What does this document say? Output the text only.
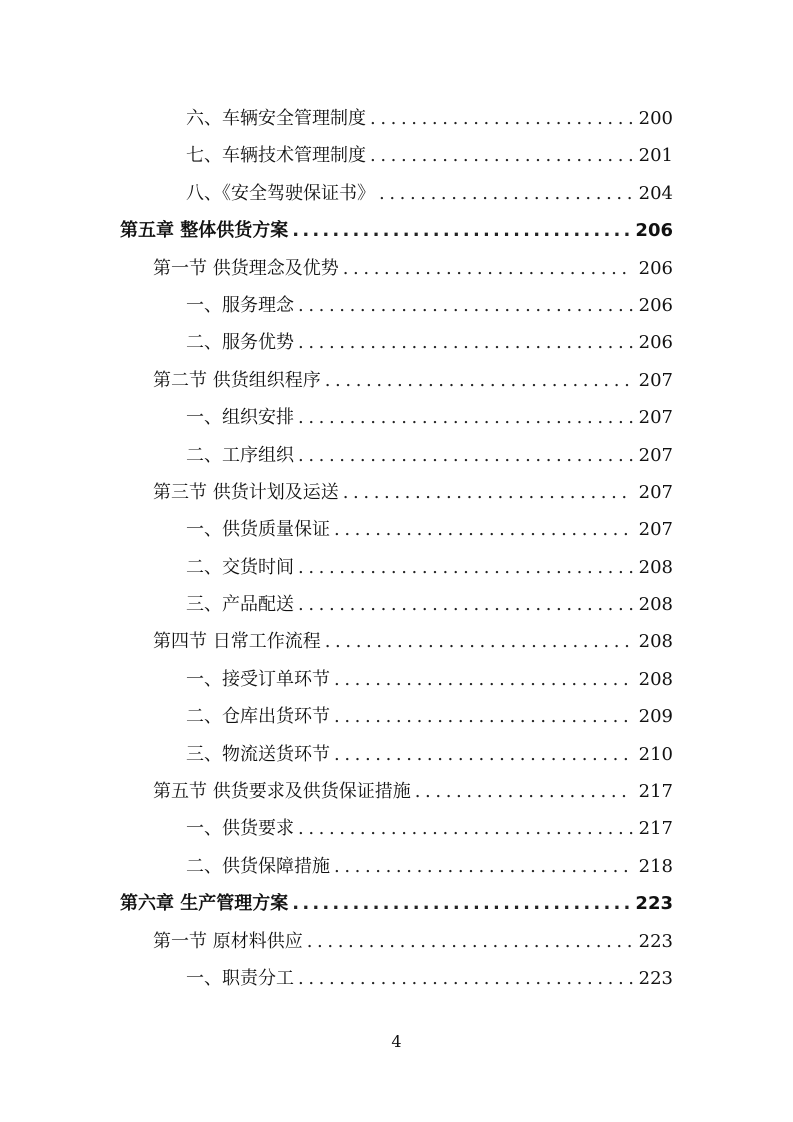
六、车辆安全管理制度 .....	200
七、车辆技术管理制度 .....	201
八、《安全驾驶保证书》 .....	204
第五章 整体供货方案 .....	206
第一节 供货理念及优势 .....	206
一、服务理念 .....	206
二、服务优势 .....	206
第二节 供货组织程序 .....	207
一、组织安排 .....	207
二、工序组织 .....	207
第三节 供货计划及运送 .....	207
一、供货质量保证 .....	207
二、交货时间 .....	208
三、产品配送 .....	208
第四节 日常工作流程 .....	208
一、接受订单环节 .....	208
二、仓库出货环节 .....	209
三、物流送货环节 .....	210
第五节 供货要求及供货保证措施 .....	217
一、供货要求 .....	217
二、供货保障措施 .....	218
第六章 生产管理方案 .....	223
第一节 原材料供应 .....	223
一、职责分工 .....	223
4
